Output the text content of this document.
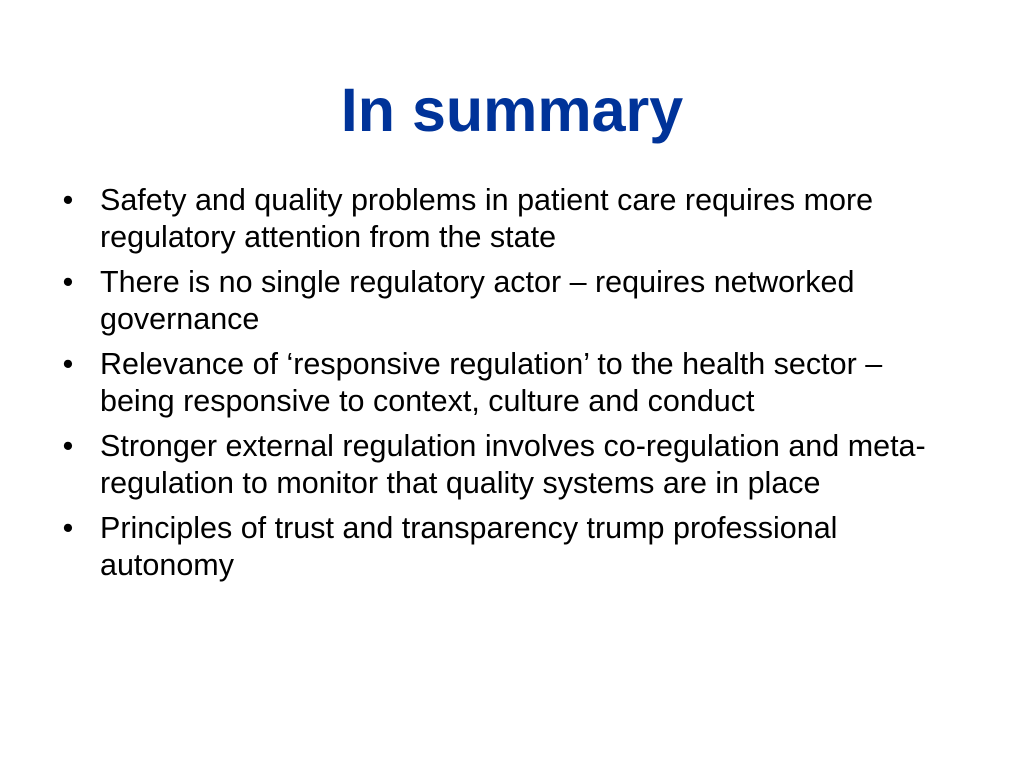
In summary
• Safety and quality problems in patient care requires more regulatory attention from the state
• There is no single regulatory actor – requires networked governance
• Relevance of ‘responsive regulation’ to the health sector – being responsive to context, culture and conduct
• Stronger external regulation involves co-regulation and meta-regulation to monitor that quality systems are in place
• Principles of trust and transparency trump professional autonomy
